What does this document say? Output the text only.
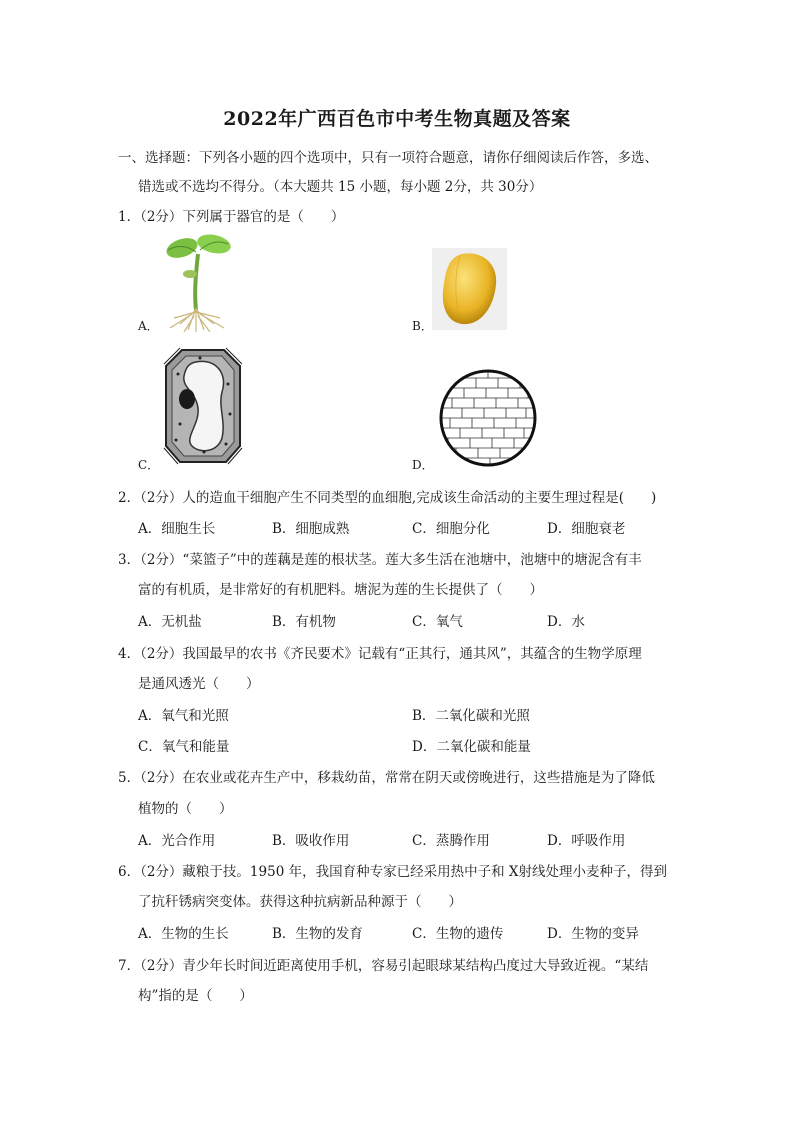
2022年广西百色市中考生物真题及答案
一、选择题：下列各小题的四个选项中，只有一项符合题意，请你仔细阅读后作答，多选、
错选或不选均不得分。（本大题共 15 小题，每小题 2分，共 30分）
1．（2分）下列属于器官的是（　　）
A．	B．
C．	D．
2．（2分）人的造血干细胞产生不同类型的血细胞,完成该生命活动的主要生理过程是(　　)
A．细胞生长	B．细胞成熟	C．细胞分化	D．细胞衰老
3．（2分）“菜篮子”中的莲藕是莲的根状茎。莲大多生活在池塘中，池塘中的塘泥含有丰
富的有机质，是非常好的有机肥料。塘泥为莲的生长提供了（　　）
A．无机盐	B．有机物	C．氧气	D．水
4．（2分）我国最早的农书《齐民要术》记载有“正其行，通其风”，其蕴含的生物学原理
是通风透光（　　）
A．氧气和光照	B．二氧化碳和光照
C．氧气和能量	D．二氧化碳和能量
5．（2分）在农业或花卉生产中，移栽幼苗，常常在阴天或傍晚进行，这些措施是为了降低
植物的（　　）
A．光合作用	B．吸收作用	C．蒸腾作用	D．呼吸作用
6．（2分）藏粮于技。1950 年，我国育种专家已经采用热中子和 X射线处理小麦种子，得到
了抗秆锈病突变体。获得这种抗病新品种源于（　　）
A．生物的生长	B．生物的发育	C．生物的遗传	D．生物的变异
7．（2分）青少年长时间近距离使用手机，容易引起眼球某结构凸度过大导致近视。“某结
构”指的是（　　）
